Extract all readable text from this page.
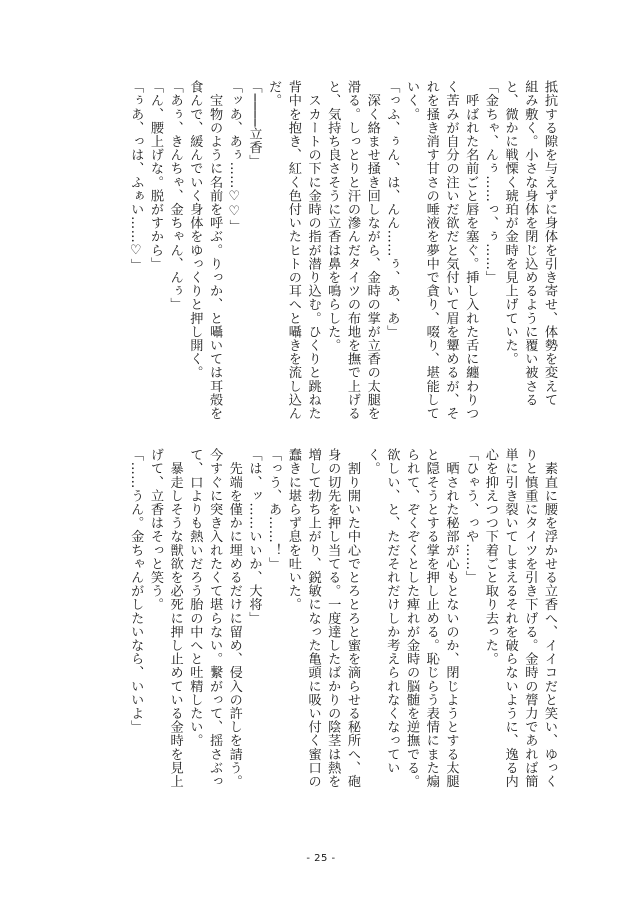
抵抗する隙を与えずに身体を引き寄せ、体勢を変えて
組み敷く。小さな身体を閉じ込めるように覆い被さる
と、微かに戦慄く琥珀が金時を見上げていた。
「金ちゃ、んぅ……っ、ぅ……」
　呼ばれた名前ごと唇を塞ぐ。挿し入れた舌に纏わりつ
く苦みが自分の注いだ欲だと気付いて眉を顰めるが、そ
れを掻き消す甘さの唾液を夢中で貪り、啜り、堪能して
いく。
「っふ、ぅん、は、んん……ぅ、あ、あ」
　深く絡ませ掻き回しながら、金時の掌が立香の太腿を
滑る。しっとりと汗の滲んだタイツの布地を撫で上げる
と、気持ち良さそうに立香は鼻を鳴らした。
　スカートの下に金時の指が潜り込む。ひくりと跳ねた
背中を抱き、紅く色付いたヒトの耳へと囁きを流し込ん
だ。
「────立香」
「ッあ、あぅ……♡♡」
　宝物のように名前を呼ぶ。りっか、と囁いては耳殻を
食んで、緩んでいく身体をゆっくりと押し開く。
「あぅ、きんちゃ、金ちゃん、んぅ」
「ん、腰上げな。脱がすから」
「ぅあ、っは、ふぁい……♡」
　素直に腰を浮かせる立香へ、イイコだと笑い、ゆっく
りと慎重にタイツを引き下げる。金時の膂力であれば簡
単に引き裂いてしまえるそれを破らないように、逸る内
心を抑えつつ下着ごと取り去った。
「ひゃう、っや……」
　晒された秘部が心もとないのか、閉じようとする太腿
と隠そうとする掌を押し止める。恥じらう表情にまた煽
られて、ぞくぞくとした痺れが金時の脳髄を逆撫でる。
欲しい、と、ただそれだけしか考えられなくなってい
く。
　割り開いた中心でとろとろと蜜を滴らせる秘所へ、砲
身の切先を押し当てる。一度達したばかりの陰茎は熱を
増して勃ち上がり、鋭敏になった亀頭に吸い付く蜜口の
蠢きに堪らず息を吐いた。
「っう、あ……！」
「は、ッ……いいか、大将」
　先端を僅かに埋めるだけに留め、侵入の許しを請う。
今すぐに突き入れたくて堪らない。繋がって、揺さぶっ
て、口よりも熱いだろう胎の中へと吐精したい。
　暴走しそうな獣欲を必死に押し止めている金時を見上
げて、立香はそっと笑う。
「……うん。金ちゃんがしたいなら、いいよ」
- 25 -
